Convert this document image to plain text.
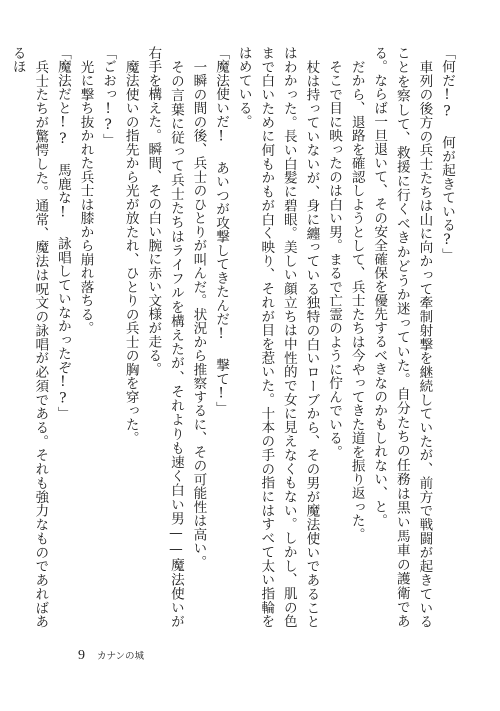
「何だ!? 何が起きている?」
車列の後方の兵士たちは山に向かって牽制射撃を継続していたが、前方で戦闘が起きていることを察して、救援に行くべきかどうか迷っていた。自分たちの任務は黒い馬車の護衛である。ならば一旦退いて、その安全確保を優先するべきなのかもしれない、と。
だから、退路を確認しようとして、兵士たちは今やってきた道を振り返った。
そこで目に映ったのは白い男。まるで亡霊のように佇んでいる。
杖は持っていないが、身に纏っている独特の白いローブから、その男が魔法使いであることはわかった。長い白髪に碧眼。美しい顔立ちは中性的で女に見えなくもない。しかし、肌の色まで白いために何もかもが白く映り、それが目を惹いた。十本の手の指にはすべて太い指輪をはめている。
「魔法使いだ! あいつが攻撃してきたんだ! 撃て!」
一瞬の間の後、兵士のひとりが叫んだ。状況から推察するに、その可能性は高い。
その言葉に従って兵士たちはライフルを構えたが、それよりも速く白い男——魔法使いが右手を構えた。瞬間、その白い腕に赤い文様が走る。
魔法使いの指先から光が放たれ、ひとりの兵士の胸を穿った。
「ごおっ!?」
光に撃ち抜かれた兵士は膝から崩れ落ちる。
「魔法だと!? 馬鹿な! 詠唱していなかったぞ!?」
兵士たちが驚愕した。通常、魔法は呪文の詠唱が必須である。それも強力なものであればあるほ
9 カナンの城
